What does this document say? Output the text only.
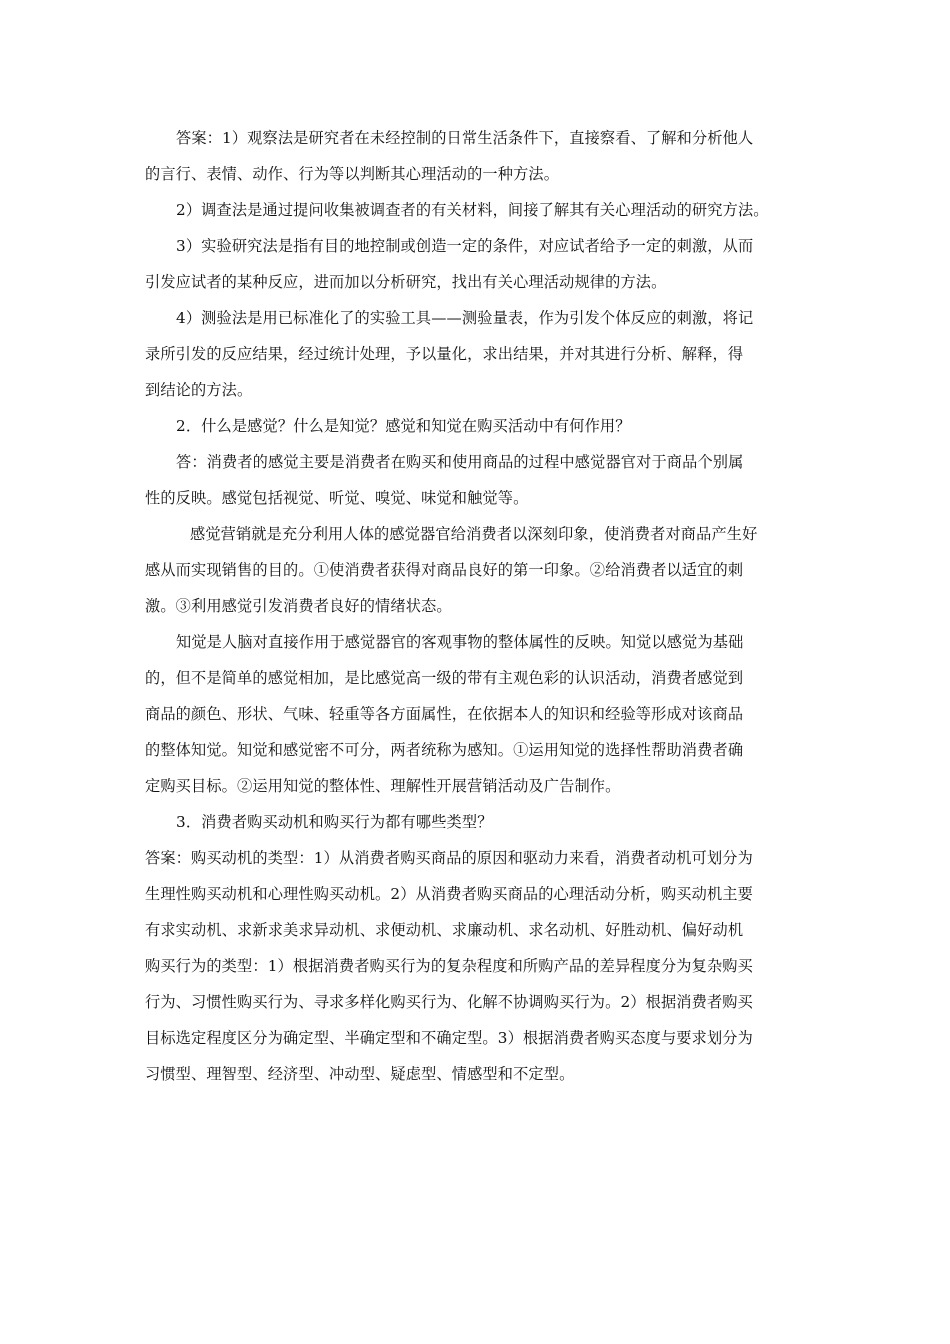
答案：1）观察法是研究者在未经控制的日常生活条件下，直接察看、了解和分析他人
的言行、表情、动作、行为等以判断其心理活动的一种方法。
2）调查法是通过提问收集被调查者的有关材料，间接了解其有关心理活动的研究方法。
3）实验研究法是指有目的地控制或创造一定的条件，对应试者给予一定的刺激，从而
引发应试者的某种反应，进而加以分析研究，找出有关心理活动规律的方法。
4）测验法是用已标准化了的实验工具——测验量表，作为引发个体反应的刺激，将记
录所引发的反应结果，经过统计处理，予以量化，求出结果，并对其进行分析、解释，得
到结论的方法。
2．什么是感觉？什么是知觉？感觉和知觉在购买活动中有何作用？
答：消费者的感觉主要是消费者在购买和使用商品的过程中感觉器官对于商品个别属
性的反映。感觉包括视觉、听觉、嗅觉、味觉和触觉等。
感觉营销就是充分利用人体的感觉器官给消费者以深刻印象，使消费者对商品产生好
感从而实现销售的目的。①使消费者获得对商品良好的第一印象。②给消费者以适宜的刺
激。③利用感觉引发消费者良好的情绪状态。
知觉是人脑对直接作用于感觉器官的客观事物的整体属性的反映。知觉以感觉为基础
的，但不是简单的感觉相加，是比感觉高一级的带有主观色彩的认识活动，消费者感觉到
商品的颜色、形状、气味、轻重等各方面属性，在依据本人的知识和经验等形成对该商品
的整体知觉。知觉和感觉密不可分，两者统称为感知。①运用知觉的选择性帮助消费者确
定购买目标。②运用知觉的整体性、理解性开展营销活动及广告制作。
3．消费者购买动机和购买行为都有哪些类型？
答案：购买动机的类型：1）从消费者购买商品的原因和驱动力来看，消费者动机可划分为
生理性购买动机和心理性购买动机。2）从消费者购买商品的心理活动分析，购买动机主要
有求实动机、求新求美求异动机、求便动机、求廉动机、求名动机、好胜动机、偏好动机
购买行为的类型：1）根据消费者购买行为的复杂程度和所购产品的差异程度分为复杂购买
行为、习惯性购买行为、寻求多样化购买行为、化解不协调购买行为。2）根据消费者购买
目标选定程度区分为确定型、半确定型和不确定型。3）根据消费者购买态度与要求划分为
习惯型、理智型、经济型、冲动型、疑虑型、情感型和不定型。
